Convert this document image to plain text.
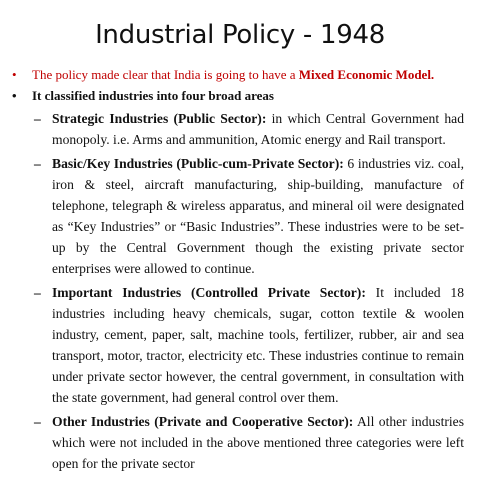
Industrial Policy - 1948
• The policy made clear that India is going to have a Mixed Economic Model.
• It classified industries into four broad areas
– Strategic Industries (Public Sector): in which Central Government had monopoly. i.e. Arms and ammunition, Atomic energy and Rail transport.
– Basic/Key Industries (Public-cum-Private Sector): 6 industries viz. coal, iron & steel, aircraft manufacturing, ship-building, manufacture of telephone, telegraph & wireless apparatus, and mineral oil were designated as “Key Industries” or “Basic Industries”. These industries were to be set-up by the Central Government though the existing private sector enterprises were allowed to continue.
– Important Industries (Controlled Private Sector): It included 18 industries including heavy chemicals, sugar, cotton textile & woolen industry, cement, paper, salt, machine tools, fertilizer, rubber, air and sea transport, motor, tractor, electricity etc. These industries continue to remain under private sector however, the central government, in consultation with the state government, had general control over them.
– Other Industries (Private and Cooperative Sector): All other industries which were not included in the above mentioned three categories were left open for the private sector
